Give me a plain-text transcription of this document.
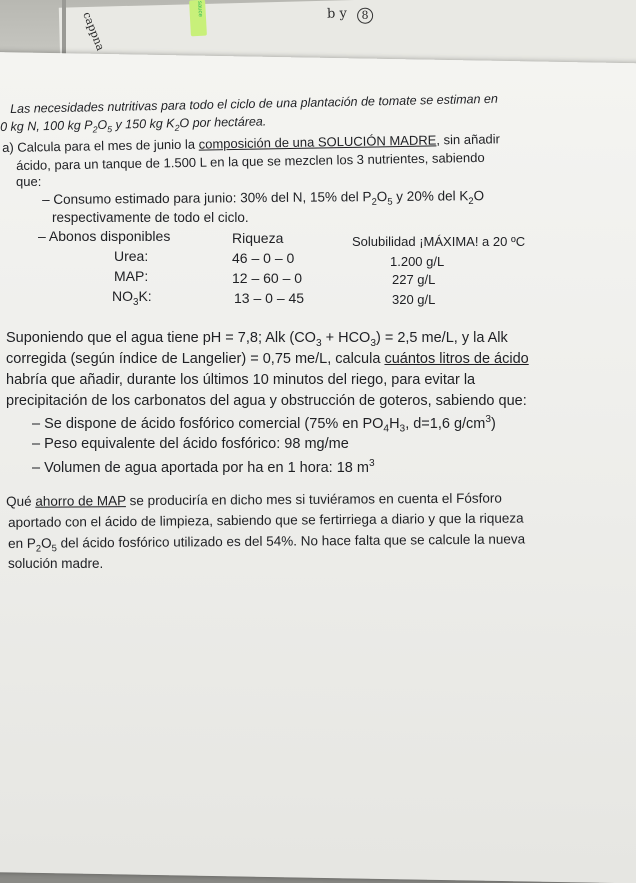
cappna	b y	8
sauce
Las necesidades nutritivas para todo el ciclo de una plantación de tomate se estiman en
0 kg N, 100 kg $P_2O_5$ y 150 kg $K_2O$ por hectárea.
a) Calcula para el mes de junio la composición de una SOLUCIÓN MADRE, sin añadir
ácido, para un tanque de 1.500 L en la que se mezclen los 3 nutrientes, sabiendo
que:
– Consumo estimado para junio: 30% del N, 15% del $P_2O_5$ y 20% del $K_2O$
respectivamente de todo el ciclo.
– Abonos disponibles	Riqueza	Solubilidad ¡MÁXIMA! a 20 ºC
Urea:	46 – 0 – 0	1.200 g/L
MAP:	12 – 60 – 0	227 g/L
$NO_3K$:	13 – 0 – 45	320 g/L
Suponiendo que el agua tiene pH = 7,8; Alk $(CO_3 + HCO_3) = 2,5$ me/L, y la Alk
corregida (según índice de Langelier) = 0,75 me/L, calcula cuántos litros de ácido
habría que añadir, durante los últimos 10 minutos del riego, para evitar la
precipitación de los carbonatos del agua y obstrucción de goteros, sabiendo que:
– Se dispone de ácido fosfórico comercial (75% en $PO_4H_3$, d=1,6 $g/cm^3$)
– Peso equivalente del ácido fosfórico: 98 mg/me
– Volumen de agua aportada por ha en 1 hora: 18 $m^3$
Qué ahorro de MAP se produciría en dicho mes si tuviéramos en cuenta el Fósforo
aportado con el ácido de limpieza, sabiendo que se fertirriega a diario y que la riqueza
en $P_2O_5$ del ácido fosfórico utilizado es del 54%. No hace falta que se calcule la nueva
solución madre.
